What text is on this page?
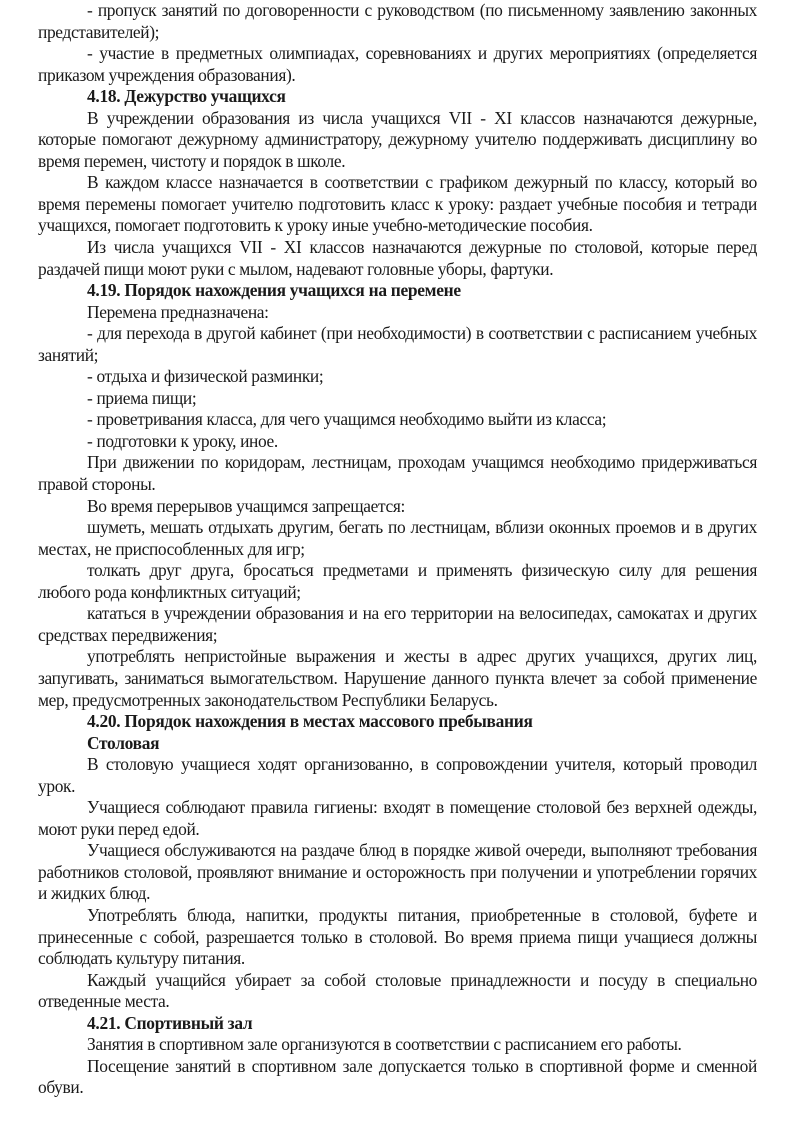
- пропуск занятий по договоренности с руководством (по письменному заявлению законных представителей);

- участие в предметных олимпиадах, соревнованиях и других мероприятиях (определяется приказом учреждения образования).

4.18. Дежурство учащихся

В учреждении образования из числа учащихся VII - XI классов назначаются дежурные, которые помогают дежурному администратору, дежурному учителю поддерживать дисциплину во время перемен, чистоту и порядок в школе.

В каждом классе назначается в соответствии с графиком дежурный по классу, который во время перемены помогает учителю подготовить класс к уроку: раздает учебные пособия и тетради учащихся, помогает подготовить к уроку иные учебно-методические пособия.

Из числа учащихся VII - XI классов назначаются дежурные по столовой, которые перед раздачей пищи моют руки с мылом, надевают головные уборы, фартуки.

4.19. Порядок нахождения учащихся на перемене

Перемена предназначена:

- для перехода в другой кабинет (при необходимости) в соответствии с расписанием учебных занятий;

- отдыха и физической разминки;

- приема пищи;

- проветривания класса, для чего учащимся необходимо выйти из класса;

- подготовки к уроку, иное.

При движении по коридорам, лестницам, проходам учащимся необходимо придерживаться правой стороны.

Во время перерывов учащимся запрещается:

шуметь, мешать отдыхать другим, бегать по лестницам, вблизи оконных проемов и в других местах, не приспособленных для игр;

толкать друг друга, бросаться предметами и применять физическую силу для решения любого рода конфликтных ситуаций;

кататься в учреждении образования и на его территории на велосипедах, самокатах и других средствах передвижения;

употреблять непристойные выражения и жесты в адрес других учащихся, других лиц, запугивать, заниматься вымогательством. Нарушение данного пункта влечет за собой применение мер, предусмотренных законодательством Республики Беларусь.

4.20. Порядок нахождения в местах массового пребывания

Столовая

В столовую учащиеся ходят организованно, в сопровождении учителя, который проводил урок.

Учащиеся соблюдают правила гигиены: входят в помещение столовой без верхней одежды, моют руки перед едой.

Учащиеся обслуживаются на раздаче блюд в порядке живой очереди, выполняют требования работников столовой, проявляют внимание и осторожность при получении и употреблении горячих и жидких блюд.

Употреблять блюда, напитки, продукты питания, приобретенные в столовой, буфете и принесенные с собой, разрешается только в столовой. Во время приема пищи учащиеся должны соблюдать культуру питания.

Каждый учащийся убирает за собой столовые принадлежности и посуду в специально отведенные места.

4.21. Спортивный зал

Занятия в спортивном зале организуются в соответствии с расписанием его работы.

Посещение занятий в спортивном зале допускается только в спортивной форме и сменной обуви.
